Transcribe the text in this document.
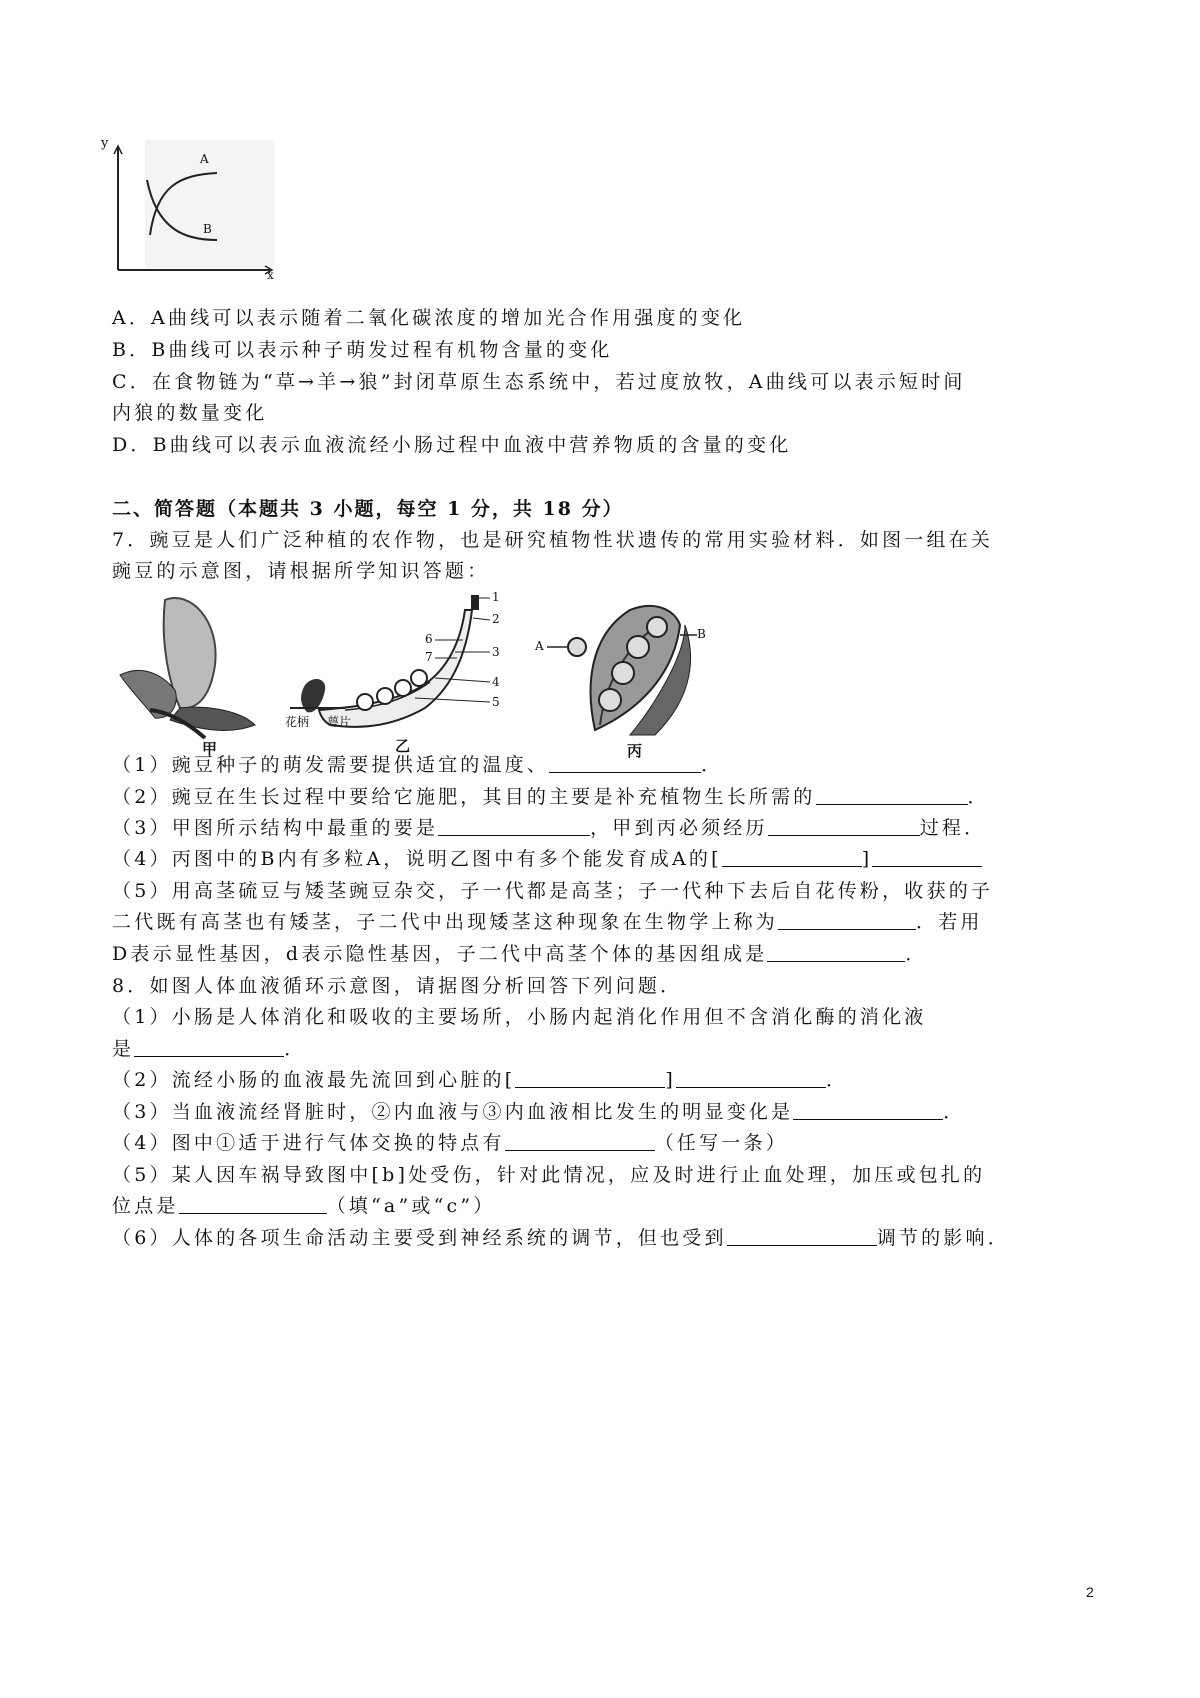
y
x
A
B
A．A曲线可以表示随着二氧化碳浓度的增加光合作用强度的变化
B．B曲线可以表示种子萌发过程有机物含量的变化
C．在食物链为“草→羊→狼”封闭草原生态系统中，若过度放牧，A曲线可以表示短时间
内狼的数量变化
D．B曲线可以表示血液流经小肠过程中血液中营养物质的含量的变化
二、简答题（本题共 3 小题，每空 1 分，共 18 分）
7．豌豆是人们广泛种植的农作物，也是研究植物性状遗传的常用实验材料．如图一组在关
豌豆的示意图，请根据所学知识答题：
甲
1
2
3
4
5
6
7
花柄 萼片
乙
A
B
丙
（1）豌豆种子的萌发需要提供适宜的温度、	．
（2）豌豆在生长过程中要给它施肥，其目的主要是补充植物生长所需的	．
（3）甲图所示结构中最重的要是	，甲到丙必须经历	过程．
（4）丙图中的B内有多粒A，说明乙图中有多个能发育成A的[	]
（5）用高茎硫豆与矮茎豌豆杂交，子一代都是高茎；子一代种下去后自花传粉，收获的子
二代既有高茎也有矮茎，子二代中出现矮茎这种现象在生物学上称为	．若用
D表示显性基因，d表示隐性基因，子二代中高茎个体的基因组成是	．
8．如图人体血液循环示意图，请据图分析回答下列问题．
（1）小肠是人体消化和吸收的主要场所，小肠内起消化作用但不含消化酶的消化液
是	．
（2）流经小肠的血液最先流回到心脏的[	]	．
（3）当血液流经肾脏时，②内血液与③内血液相比发生的明显变化是	．
（4）图中①适于进行气体交换的特点有	（任写一条）
（5）某人因车祸导致图中[b]处受伤，针对此情况，应及时进行止血处理，加压或包扎的
位点是	（填“a”或“c”）
（6）人体的各项生命活动主要受到神经系统的调节，但也受到	调节的影响．
2
